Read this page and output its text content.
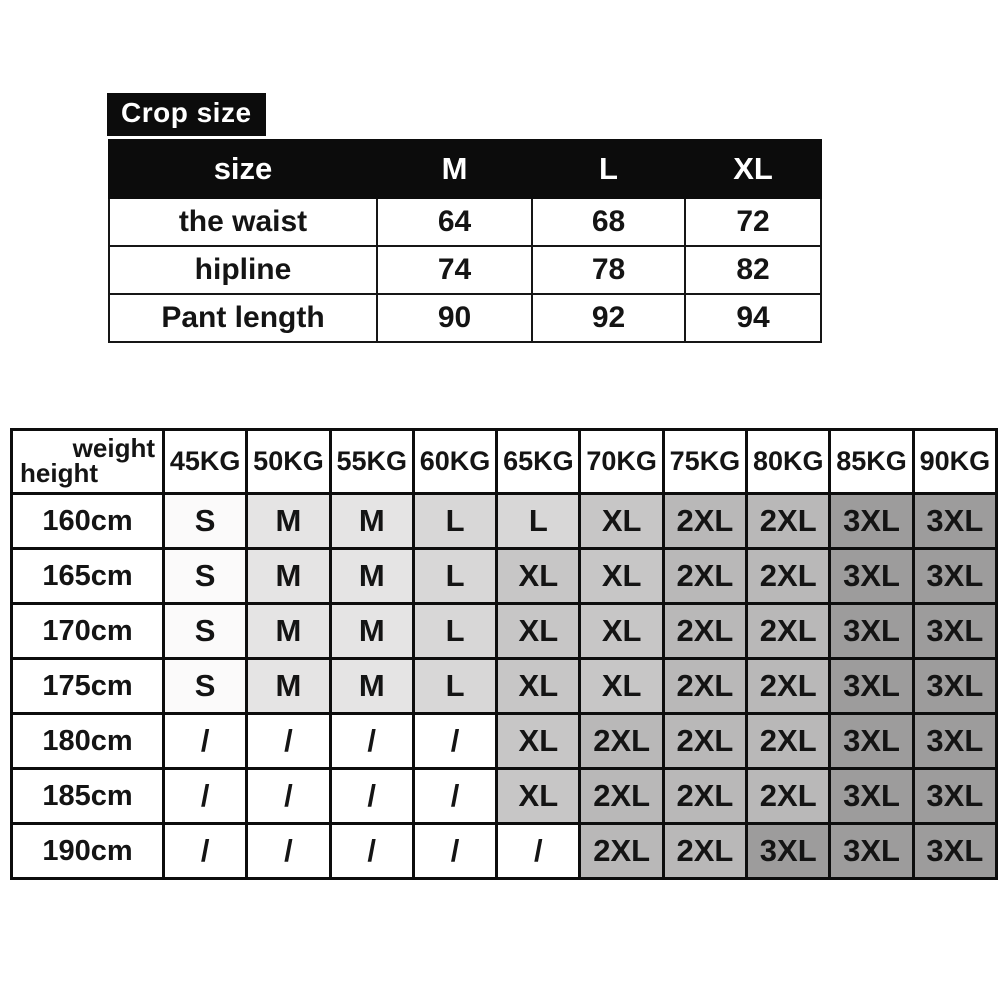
Crop size
size	M	L	XL
the waist	64	68	72
hipline	74	78	82
Pant length	90	92	94
weight
height	45KG	50KG	55KG	60KG	65KG	70KG	75KG	80KG	85KG	90KG
160cm	S	M	M	L	L	XL	2XL	2XL	3XL	3XL
165cm	S	M	M	L	XL	XL	2XL	2XL	3XL	3XL
170cm	S	M	M	L	XL	XL	2XL	2XL	3XL	3XL
175cm	S	M	M	L	XL	XL	2XL	2XL	3XL	3XL
180cm	/	/	/	/	XL	2XL	2XL	2XL	3XL	3XL
185cm	/	/	/	/	XL	2XL	2XL	2XL	3XL	3XL
190cm	/	/	/	/	/	2XL	2XL	3XL	3XL	3XL
